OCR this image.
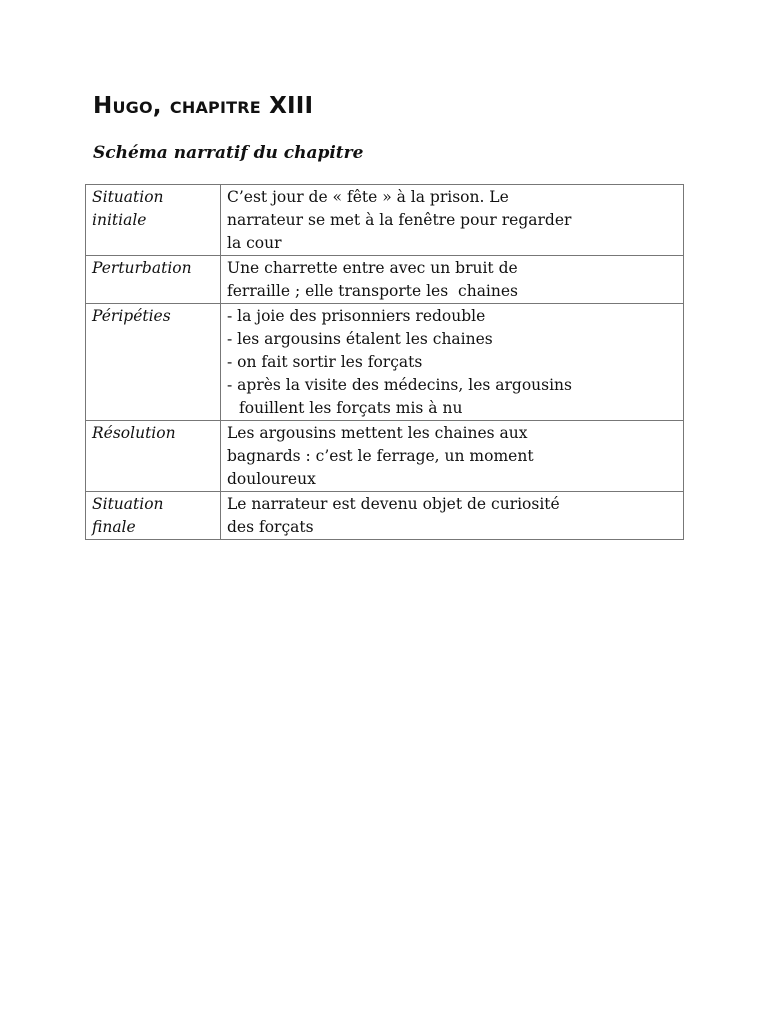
Hugo, chapitre XIII
Schéma narratif du chapitre
Situation
initiale	C’est jour de « fête » à la prison. Le
narrateur se met à la fenêtre pour regarder
la cour

Perturbation	Une charrette entre avec un bruit de
ferraille ; elle transporte les  chaines

Péripéties	- la joie des prisonniers redouble
- les argousins étalent les chaines
- on fait sortir les forçats
- après la visite des médecins, les argousins
fouillent les forçats mis à nu

Résolution	Les argousins mettent les chaines aux
bagnards : c’est le ferrage, un moment
douloureux

Situation
finale	Le narrateur est devenu objet de curiosité
des forçats
